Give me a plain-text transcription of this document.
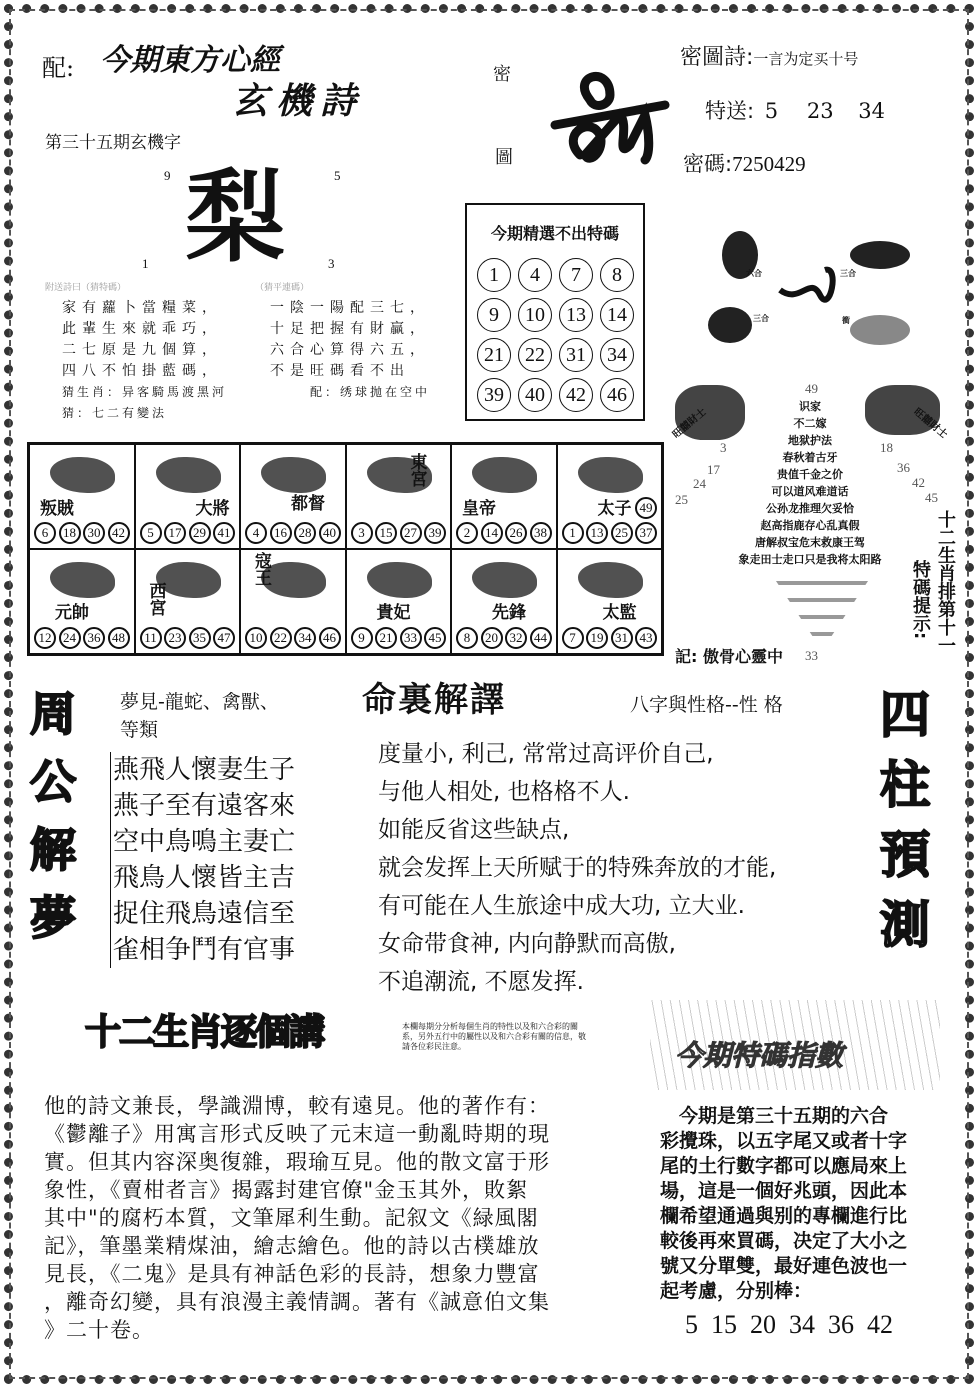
配: 今期東方心經
玄機詩
第三十五期玄機字
梨
9	5
1	3
附送詩曰（猜特碼）	（猜平連碼）
家有蘿卜當糧菜，
此輩生來就乖巧，
二七原是九個算，
四八不怕掛藍碼，
猜生肖：异客騎馬渡黑河
猜：七二有變法
一陰一陽配三七，
十足把握有財贏，
六合心算得六五，
不是旺碼看不出
配：绣球抛在空中
密
圖
密圖詩:一言为定买十号
特送: 5 23 34
密碼:7250429
今期精選不出特碼
1	4	7	8
9	10	13	14
21	22	31	34
39	40	42	46
六合	三合
三合	衝
49
识家
不二嫁
地狱护法
春秋着古牙
贵值千金之价
可以道风难道话
公孙龙推理欠妥恰
赵高指鹿存心乱真假
唐解叔宝危末救康王驾
象走田士走口只是我将太阳路
3
17
24
25
18
36
42
45
旺囍財士	旺囍財士
記: 傲骨心靈中
十二生肖排第十一
特碼提示:
33
叛賊
6	18 30 42
大將
5	17 29 41
都督
4	16 28 40
東宮
3	15 27 39
皇帝
2	14 26 38
太子 49
1	13 25 37
元帥
12 24 36 48
西宮
11 23 35 47
寇王
10 22 34 46
貴妃
9	21 33 45
先鋒
8	20 32 44
太監
7	19 31 43
周
公
解
夢
夢見-龍蛇、禽獸、
等類
燕飛人懷妻生子
燕子至有遠客來
空中鳥鳴主妻亡
飛鳥人懷皆主吉
捉住飛鳥遠信至
雀相争鬥有官事
命裏解譯	八字與性格--性 格
度量小, 利己, 常常过高评价自己,
与他人相处, 也格格不人.
如能反省这些缺点,
就会发挥上天所赋于的特殊奔放的才能,
有可能在人生旅途中成大功, 立大业.
女命带食神, 内向静默而高傲,
不追潮流, 不愿发挥.
四
柱
預
測
十二生肖逐個講	本欄每期分分析每個生肖的特性以及和六合彩的關系，另外五行中的屬性以及和六合彩有關的信息，敬請各位彩民注意。
他的詩文兼長，學識淵博，較有遠見。他的著作有：
《鬱離子》用寓言形式反映了元末這一動亂時期的現
實。但其内容深奥復雜，瑕瑜互見。他的散文富于形
象性，《賣柑者言》揭露封建官僚"金玉其外，敗絮
其中"的腐朽本質，文筆犀利生動。記叙文《緑風閣
記》，筆墨業精煤油，繪志繪色。他的詩以古樸雄放
見長，《二鬼》是具有神話色彩的長詩，想象力豐富
，離奇幻變，具有浪漫主義情調。著有《誠意伯文集
》二十卷。
今期特碼指數
　今期是第三十五期的六合
彩攪珠，以五字尾又或者十字
尾的土行數字都可以應局來上
場，這是一個好兆頭，因此本
欄希望通過與别的專欄進行比
較後再來買碼，决定了大小之
號又分單雙，最好連色波也一
起考慮，分别棒：
5  15  20  34  36  42
